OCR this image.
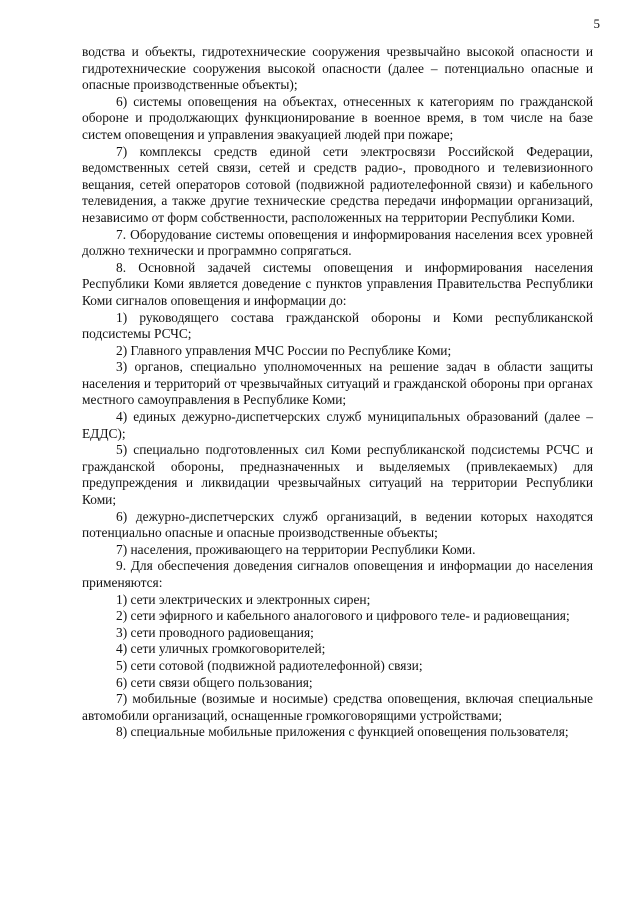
5

водства и объекты, гидротехнические сооружения чрезвычайно высокой опасности и гидротехнические сооружения высокой опасности (далее – потенциально опасные и опасные производственные объекты);

6) системы оповещения на объектах, отнесенных к категориям по гражданской обороне и продолжающих функционирование в военное время, в том числе на базе систем оповещения и управления эвакуацией людей при пожаре;

7) комплексы средств единой сети электросвязи Российской Федерации, ведомственных сетей связи, сетей и средств радио-, проводного и телевизионного вещания, сетей операторов сотовой (подвижной радиотелефонной связи) и кабельного телевидения, а также другие технические средства передачи информации организаций, независимо от форм собственности, расположенных на территории Республики Коми.

7. Оборудование системы оповещения и информирования населения всех уровней должно технически и программно сопрягаться.

8. Основной задачей системы оповещения и информирования населения Республики Коми является доведение с пунктов управления Правительства Республики Коми сигналов оповещения и информации до:

1) руководящего состава гражданской обороны и Коми республиканской подсистемы РСЧС;

2) Главного управления МЧС России по Республике Коми;

3) органов, специально уполномоченных на решение задач в области защиты населения и территорий от чрезвычайных ситуаций и гражданской обороны при органах местного самоуправления в Республике Коми;

4) единых дежурно-диспетчерских служб муниципальных образований (далее – ЕДДС);

5) специально подготовленных сил Коми республиканской подсистемы РСЧС и гражданской обороны, предназначенных и выделяемых (привлекаемых) для предупреждения и ликвидации чрезвычайных ситуаций на территории Республики Коми;

6) дежурно-диспетчерских служб организаций, в ведении которых находятся потенциально опасные и опасные производственные объекты;

7) населения, проживающего на территории Республики Коми.

9. Для обеспечения доведения сигналов оповещения и информации до населения применяются:

1) сети электрических и электронных сирен;

2) сети эфирного и кабельного аналогового и цифрового теле- и радиовещания;

3) сети проводного радиовещания;

4) сети уличных громкоговорителей;

5) сети сотовой (подвижной радиотелефонной) связи;

6) сети связи общего пользования;

7) мобильные (возимые и носимые) средства оповещения, включая специальные автомобили организаций, оснащенные громкоговорящими устройствами;

8) специальные мобильные приложения с функцией оповещения пользователя;
